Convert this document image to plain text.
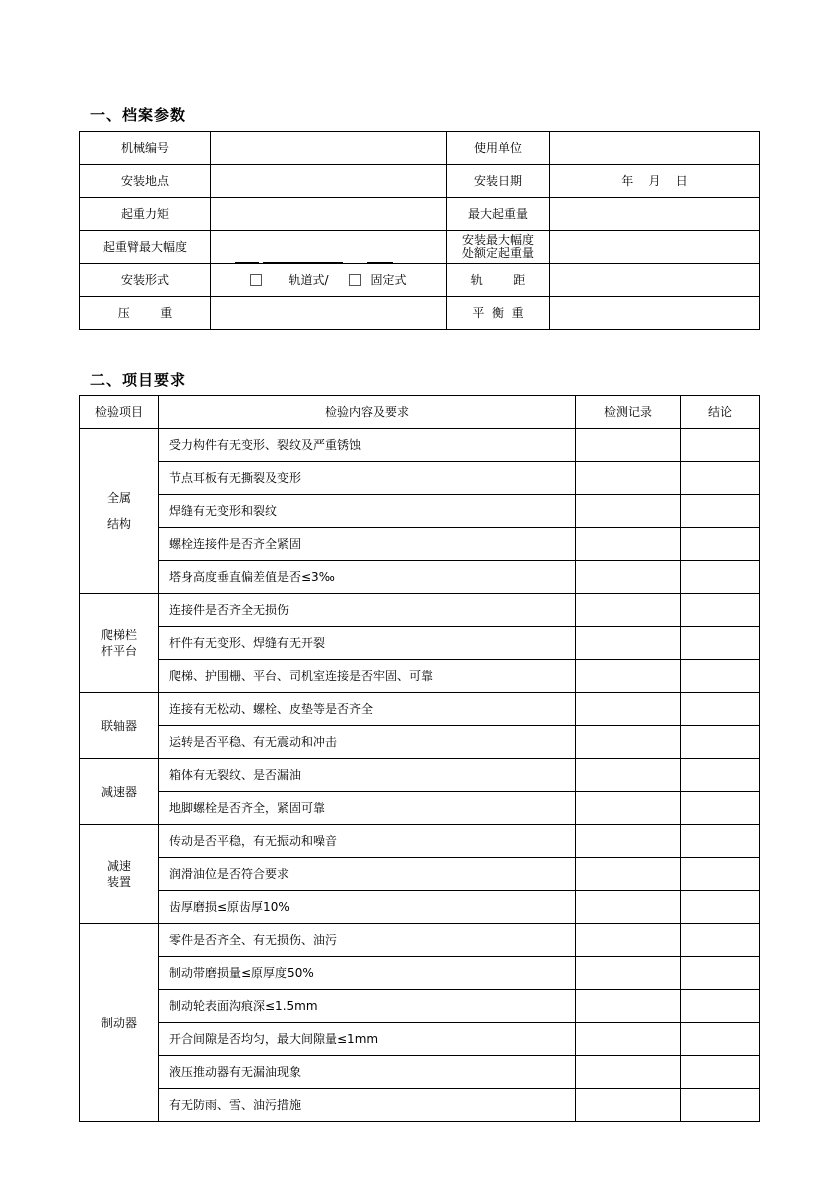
一、档案参数
机械编号		使用单位	
安装地点		安装日期	年    月    日
起重力矩		最大起重量	
起重臂最大幅度		安装最大幅度
处额定起重量	

安装形式	轨道式/ 固定式	轨        距	
压        重		平  衡  重	
二、项目要求
检验项目	检验内容及要求	检测记录	结论

全属
结构	受力构件有无变形、裂纹及严重锈蚀		
	节点耳板有无撕裂及变形		
	焊缝有无变形和裂纹		
	螺栓连接件是否齐全紧固		
	塔身高度垂直偏差值是否≤3‰		

爬梯栏
杆平台	连接件是否齐全无损伤		
	杆件有无变形、焊缝有无开裂		
	爬梯、护围栅、平台、司机室连接是否牢固、可靠		

联轴器	连接有无松动、螺栓、皮垫等是否齐全		
	运转是否平稳、有无震动和冲击		

减速器	箱体有无裂纹、是否漏油		
	地脚螺栓是否齐全，紧固可靠		

减速
装置	传动是否平稳，有无振动和噪音		
	润滑油位是否符合要求		
	齿厚磨损≤原齿厚10%		

制动器	零件是否齐全、有无损伤、油污		
	制动带磨损量≤原厚度50%		
	制动轮表面沟痕深≤1.5mm		
	开合间隙是否均匀，最大间隙量≤1mm		
	液压推动器有无漏油现象		
	有无防雨、雪、油污措施		
